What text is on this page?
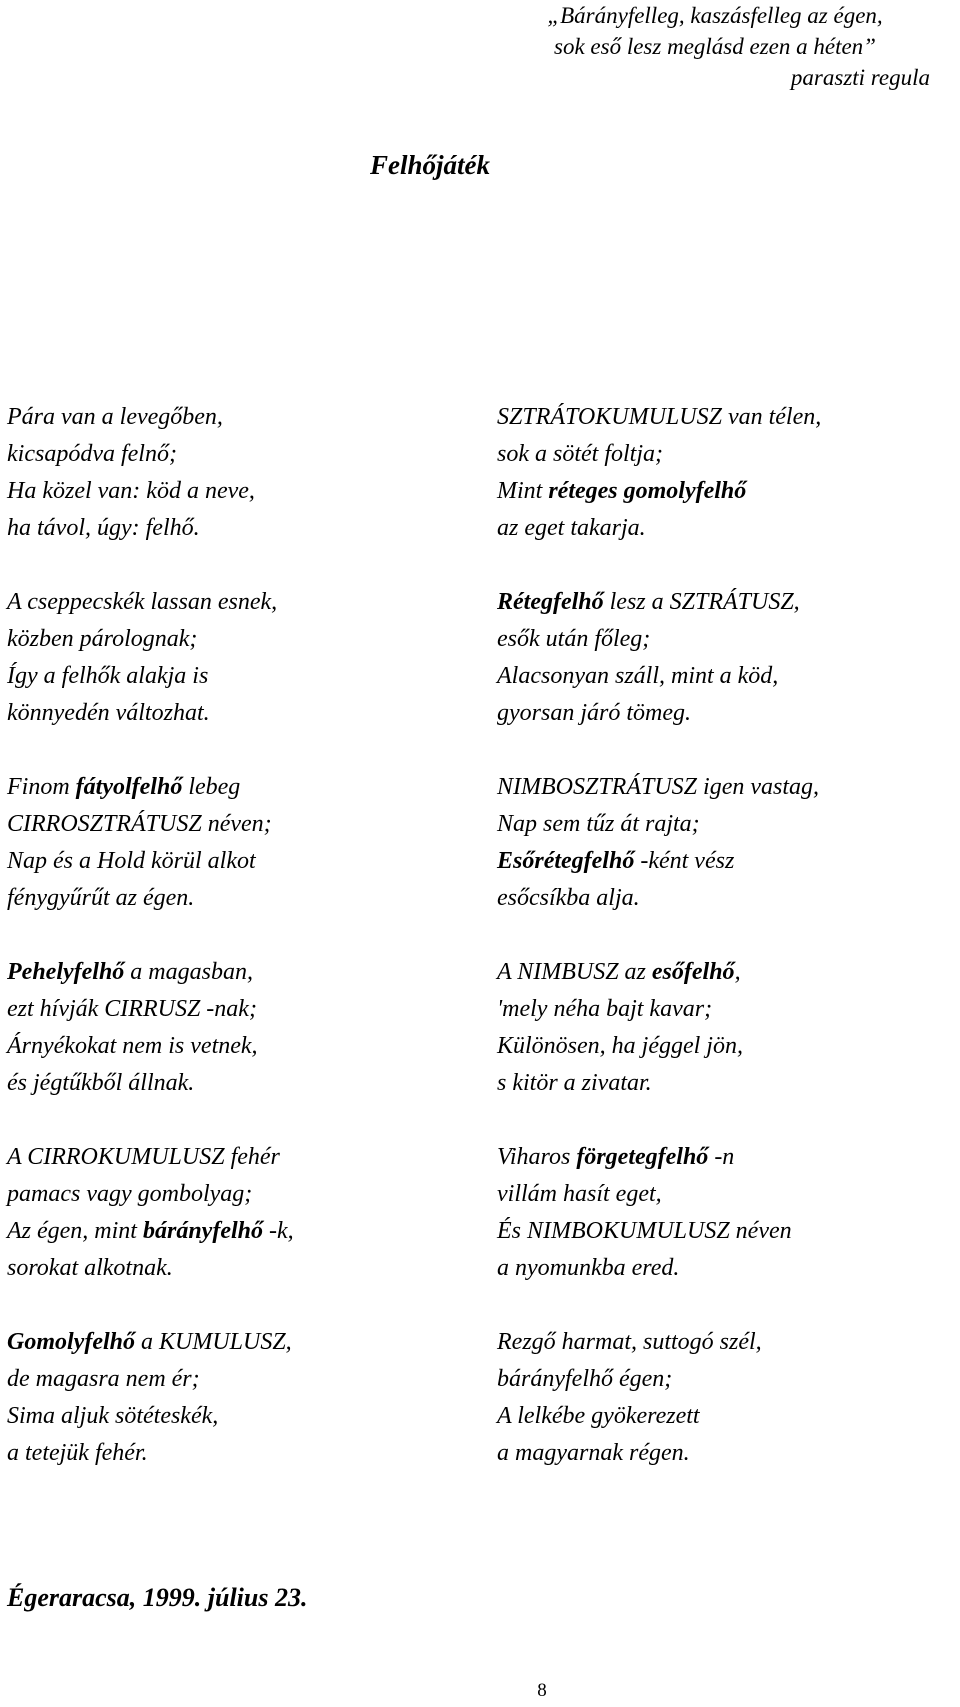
„Bárányfelleg, kaszásfelleg az égen,
sok eső lesz meglásd ezen a héten”
paraszti regula
Felhőjáték
Pára van a levegőben,
kicsapódva felnő;
Ha közel van: köd a neve,
ha távol, úgy: felhő.
A cseppecskék lassan esnek,
közben párolognak;
Így a felhők alakja is
könnyedén változhat.
Finom fátyolfelhő lebeg
CIRROSZTRÁTUSZ néven;
Nap és a Hold körül alkot
fénygyűrűt az égen.
Pehelyfelhő a magasban,
ezt hívják CIRRUSZ -nak;
Árnyékokat nem is vetnek,
és jégtűkből állnak.
A CIRROKUMULUSZ fehér
pamacs vagy gombolyag;
Az égen, mint bárányfelhő -k,
sorokat alkotnak.
Gomolyfelhő a KUMULUSZ,
de magasra nem ér;
Sima aljuk sötéteskék,
a tetejük fehér.
SZTRÁTOKUMULUSZ van télen,
sok a sötét foltja;
Mint réteges gomolyfelhő
az eget takarja.
Rétegfelhő lesz a SZTRÁTUSZ,
esők után főleg;
Alacsonyan száll, mint a köd,
gyorsan járó tömeg.
NIMBOSZTRÁTUSZ igen vastag,
Nap sem tűz át rajta;
Esőrétegfelhő -ként vész
esőcsíkba alja.
A NIMBUSZ az esőfelhő,
'mely néha bajt kavar;
Különösen, ha jéggel jön,
s kitör a zivatar.
Viharos förgetegfelhő -n
villám hasít eget,
És NIMBOKUMULUSZ néven
a nyomunkba ered.
Rezgő harmat, suttogó szél,
bárányfelhő égen;
A lelkébe gyökerezett
a magyarnak régen.
Égeraracsa, 1999. július 23.
8
